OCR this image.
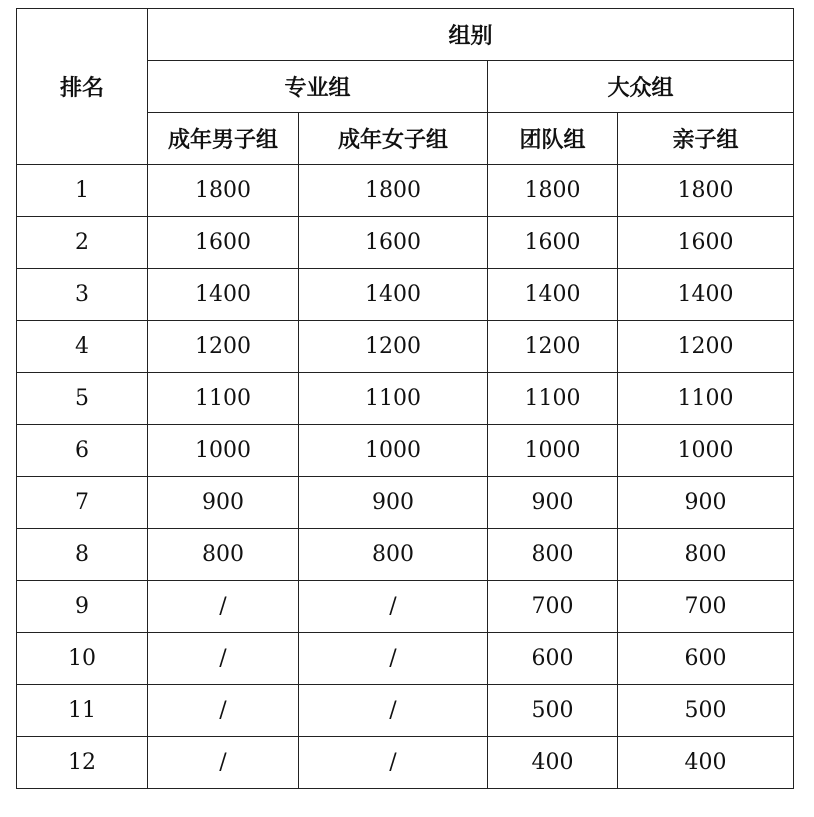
排名	组别			
	专业组		大众组	
	成年男子组	成年女子组	团队组	亲子组
1	1800	1800	1800	1800
2	1600	1600	1600	1600
3	1400	1400	1400	1400
4	1200	1200	1200	1200
5	1100	1100	1100	1100
6	1000	1000	1000	1000
7	900	900	900	900
8	800	800	800	800
9	/	/	700	700
10	/	/	600	600
11	/	/	500	500
12	/	/	400	400
